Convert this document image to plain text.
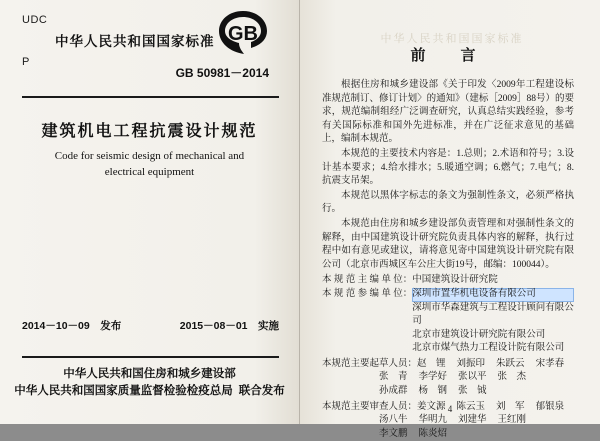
UDC
P
中华人民共和国国家标准 GB
GB 50981－2014
建筑机电工程抗震设计规范
Code for seismic design of mechanical and
electrical equipment
2014－10－09　发布	2015－08－01　实施
中华人民共和国住房和城乡建设部
中华人民共和国国家质量监督检验检疫总局 联合发布
中华人民共和国国家标准
前　言

根据住房和城乡建设部《关于印发〈2009年工程建设标准规范制订、修订计划〉的通知》（建标［2009］88号）的要求，规范编制组经广泛调查研究，认真总结实践经验，参考有关国际标准和国外先进标准，并在广泛征求意见的基础上，编制本规范。

本规范的主要技术内容是：1.总则；2.术语和符号；3.设计基本要求；4.给水排水；5.暖通空调；6.燃气；7.电气；8.抗震支吊架。

本规范以黑体字标志的条文为强制性条文，必须严格执行。

本规范由住房和城乡建设部负责管理和对强制性条文的解释，由中国建筑设计研究院负责具体内容的解释，执行过程中如有意见或建议，请将意见寄中国建筑设计研究院有限公司（北京市西城区车公庄大街19号，邮编：100044）。

本 规 范 主 编 单 位： 中国建筑设计研究院
本 规 范 参 编 单 位： 深圳市置华机电设备有限公司
深圳市华森建筑与工程设计顾问有限公司
北京市建筑设计研究院有限公司
北京市煤气热力工程设计院有限公司
本规范主要起草人员： 赵　锂 刘振印 朱跃云 宋孝春
张　青 李学好 张以平 张　杰
孙成群 杨　钢 张　钺
本规范主要审查人员： 姜文源 陈云玉 刘　军 郁银泉
汤八牛 华明九 刘建华 王红刚
李文鹏 陈炎炤
4
